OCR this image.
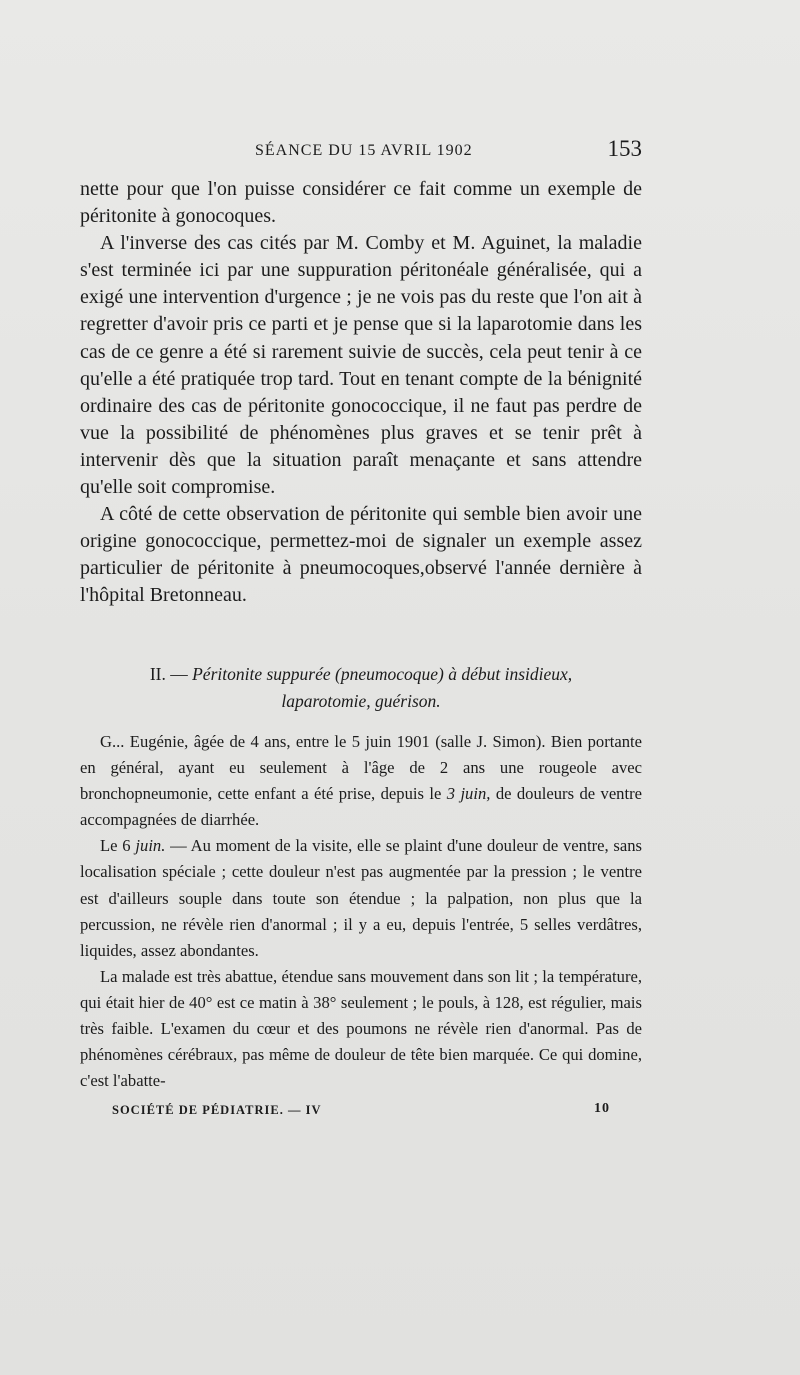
SÉANCE DU 15 AVRIL 1902	153

nette pour que l'on puisse considérer ce fait comme un exemple de péritonite à gonocoques.

A l'inverse des cas cités par M. Comby et M. Aguinet, la maladie s'est terminée ici par une suppuration péritonéale généralisée, qui a exigé une intervention d'urgence ; je ne vois pas du reste que l'on ait à regretter d'avoir pris ce parti et je pense que si la laparotomie dans les cas de ce genre a été si rarement suivie de succès, cela peut tenir à ce qu'elle a été pratiquée trop tard. Tout en tenant compte de la bénignité ordinaire des cas de péritonite gonococcique, il ne faut pas perdre de vue la possibilité de phénomènes plus graves et se tenir prêt à intervenir dès que la situation paraît menaçante et sans attendre qu'elle soit compromise.

A côté de cette observation de péritonite qui semble bien avoir une origine gonococcique, permettez-moi de signaler un exemple assez particulier de péritonite à pneumocoques,observé l'année dernière à l'hôpital Bretonneau.

II. — Péritonite suppurée (pneumocoque) à début insidieux,
laparotomie, guérison.

G... Eugénie, âgée de 4 ans, entre le 5 juin 1901 (salle J. Simon). Bien portante en général, ayant eu seulement à l'âge de 2 ans une rougeole avec bronchopneumonie, cette enfant a été prise, depuis le 3 juin, de douleurs de ventre accompagnées de diarrhée.

Le 6 juin. — Au moment de la visite, elle se plaint d'une douleur de ventre, sans localisation spéciale ; cette douleur n'est pas augmentée par la pression ; le ventre est d'ailleurs souple dans toute son étendue ; la palpation, non plus que la percussion, ne révèle rien d'anormal ; il y a eu, depuis l'entrée, 5 selles verdâtres, liquides, assez abondantes.

La malade est très abattue, étendue sans mouvement dans son lit ; la température, qui était hier de 40° est ce matin à 38° seulement ; le pouls, à 128, est régulier, mais très faible. L'examen du cœur et des poumons ne révèle rien d'anormal. Pas de phénomènes cérébraux, pas même de douleur de tête bien marquée. Ce qui domine, c'est l'abatte-

SOCIÉTÉ DE PÉDIATRIE. — IV	10
